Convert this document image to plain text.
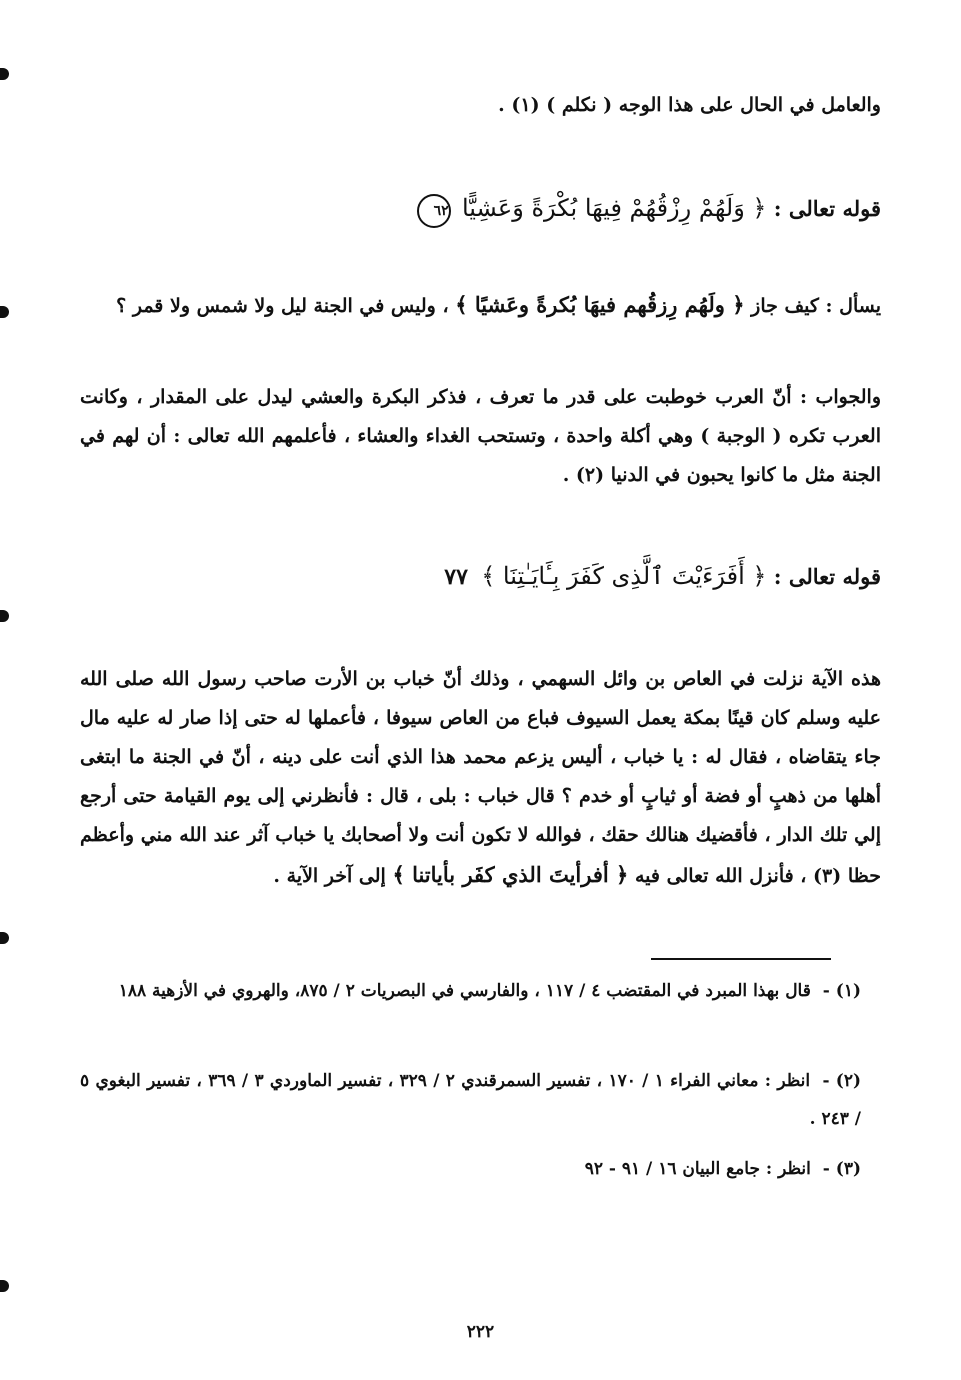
والعامل في الحال على هذا الوجه ( نكلم ) (١) .
قوله تعالى : ﴿ وَلَهُمْ رِزْقُهُمْ فِيهَا بُكْرَةً وَعَشِيًّا ٦٢
يسأل : كيف جاز ﴿ ولَهُم رِزقُهم فيهَا بُكرةً وعَشيًا ﴾ ، وليس في الجنة ليل ولا شمس ولا قمر ؟
والجواب : أنّ العرب خوطبت على قدر ما تعرف ، فذكر البكرة والعشي ليدل على المقدار ، وكانت العرب تكره ( الوجبة ) وهي أكلة واحدة ، وتستحب الغداء والعشاء ، فأعلمهم الله تعالى : أن لهم في الجنة مثل ما كانوا يحبون في الدنيا (٢) .
قوله تعالى : ﴿ أَفَرَءَيْتَ ٱلَّذِى كَفَرَ بِـَٔايَـٰتِنَا ﴾ ٧٧
هذه الآية نزلت في العاص بن وائل السهمي ، وذلك أنّ خباب بن الأرت صاحب رسول الله صلى الله عليه وسلم كان قينًا بمكة يعمل السيوف فباع من العاص سيوفا ، فأعملها له حتى إذا صار له عليه مال جاء يتقاضاه ، فقال له : يا خباب ، أليس يزعم محمد هذا الذي أنت على دينه ، أنّ في الجنة ما ابتغى أهلها من ذهبٍ أو فضة أو ثيابٍ أو خدم ؟ قال خباب : بلى ، قال : فأنظرني إلى يوم القيامة حتى أرجع إلي تلك الدار ، فأقضيك هنالك حقك ، فوالله لا تكون أنت ولا أصحابك يا خباب آثر عند الله مني وأعظم حظا (٣) ، فأنزل الله تعالى فيه ﴿ أفرأيتَ الذي كفَر بأياتنا ﴾ إلى آخر الآية .
(١) - قال بهذا المبرد في المقتضب ٤ / ١١٧ ، والفارسي في البصريات ٢ / ٨٧٥، والهروي في الأزهية ١٨٨
(٢) - انظر : معاني الفراء ١ / ١٧٠ ، تفسير السمرقندي ٢ / ٣٢٩ ، تفسير الماوردي ٣ / ٣٦٩ ، تفسير البغوي ٥ / ٢٤٣ .
(٣) - انظر : جامع البيان ١٦ / ٩١ - ٩٢
٢٢٢
